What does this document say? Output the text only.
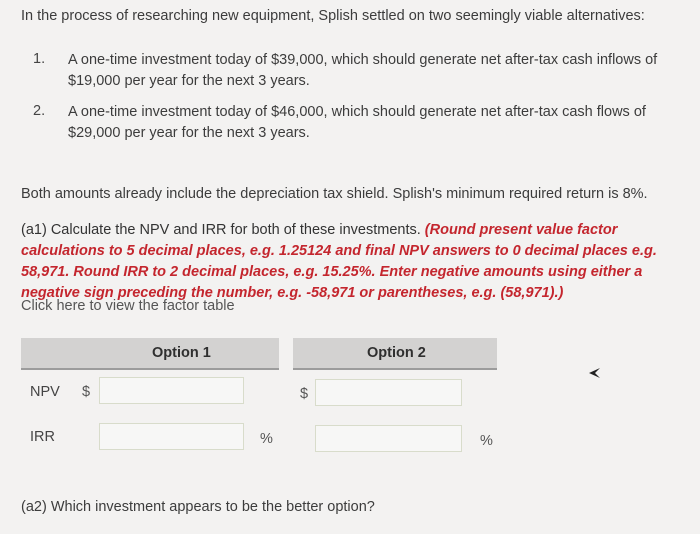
In the process of researching new equipment, Splish settled on two seemingly viable alternatives:
1. A one-time investment today of $39,000, which should generate net after-tax cash inflows of $19,000 per year for the next 3 years.
2. A one-time investment today of $46,000, which should generate net after-tax cash flows of $29,000 per year for the next 3 years.
Both amounts already include the depreciation tax shield. Splish's minimum required return is 8%.
(a1) Calculate the NPV and IRR for both of these investments. (Round present value factor calculations to 5 decimal places, e.g. 1.25124 and final NPV answers to 0 decimal places e.g. 58,971. Round IRR to 2 decimal places, e.g. 15.25%. Enter negative amounts using either a negative sign preceding the number, e.g. -58,971 or parentheses, e.g. (58,971).)
Click here to view the factor table
Option 1	Option 2
NPV $	$
IRR	%	%
(a2) Which investment appears to be the better option?
